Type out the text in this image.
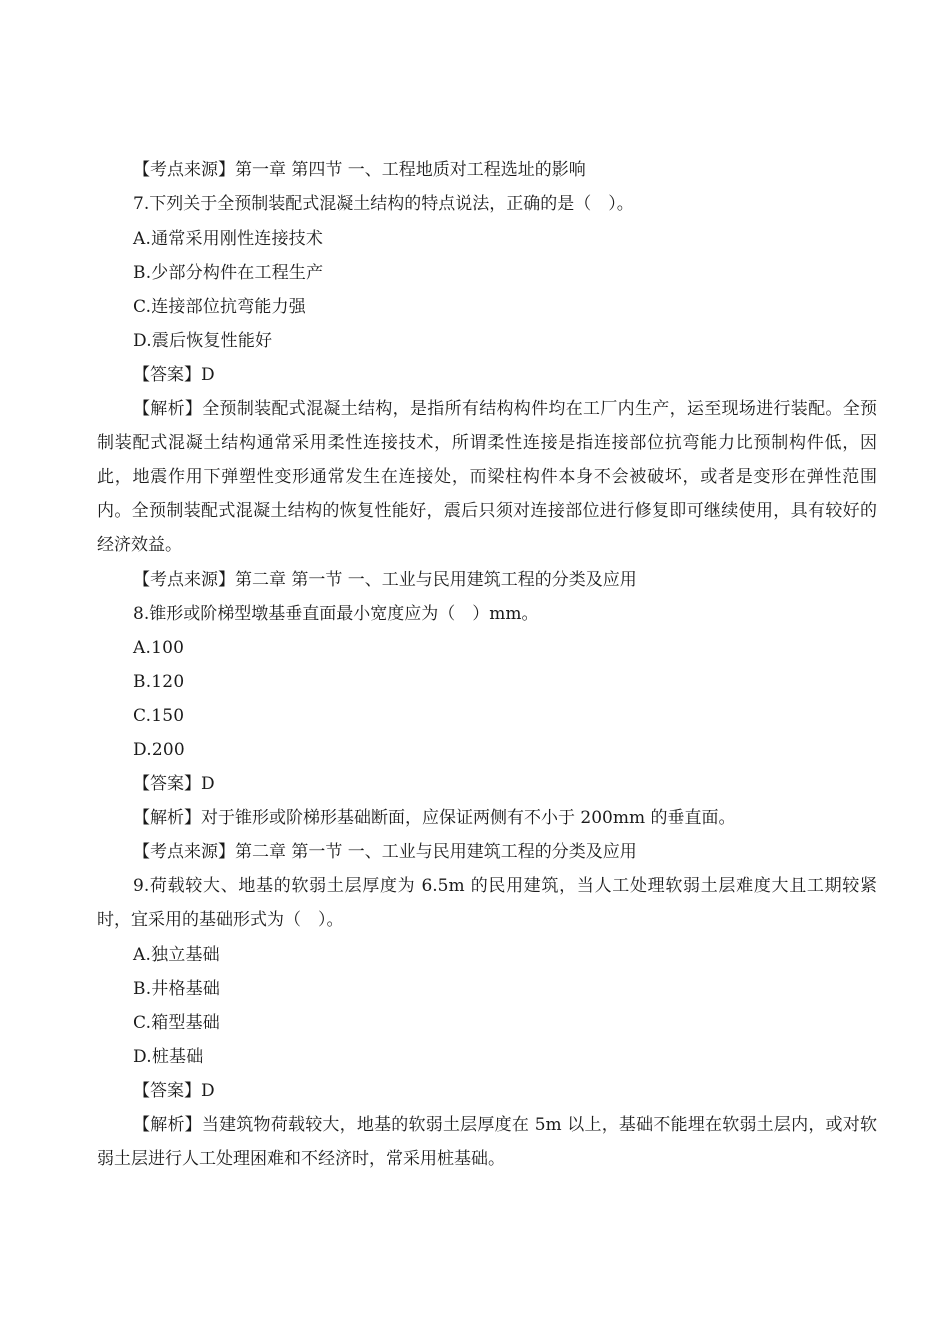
【考点来源】第一章 第四节 一、工程地质对工程选址的影响
7.下列关于全预制装配式混凝土结构的特点说法，正确的是（　）。
A.通常采用刚性连接技术
B.少部分构件在工程生产
C.连接部位抗弯能力强
D.震后恢复性能好
【答案】D
【解析】全预制装配式混凝土结构，是指所有结构构件均在工厂内生产，运至现场进行装配。全预制装配式混凝土结构通常采用柔性连接技术，所谓柔性连接是指连接部位抗弯能力比预制构件低，因此，地震作用下弹塑性变形通常发生在连接处，而梁柱构件本身不会被破坏，或者是变形在弹性范围内。全预制装配式混凝土结构的恢复性能好，震后只须对连接部位进行修复即可继续使用，具有较好的经济效益。
【考点来源】第二章 第一节 一、工业与民用建筑工程的分类及应用
8.锥形或阶梯型墩基垂直面最小宽度应为（　）mm。
A.100
B.120
C.150
D.200
【答案】D
【解析】对于锥形或阶梯形基础断面，应保证两侧有不小于 200mm 的垂直面。
【考点来源】第二章 第一节 一、工业与民用建筑工程的分类及应用
9.荷载较大、地基的软弱土层厚度为 6.5m 的民用建筑，当人工处理软弱土层难度大且工期较紧时，宜采用的基础形式为（　）。
A.独立基础
B.井格基础
C.箱型基础
D.桩基础
【答案】D
【解析】当建筑物荷载较大，地基的软弱土层厚度在 5m 以上，基础不能埋在软弱土层内，或对软弱土层进行人工处理困难和不经济时，常采用桩基础。
